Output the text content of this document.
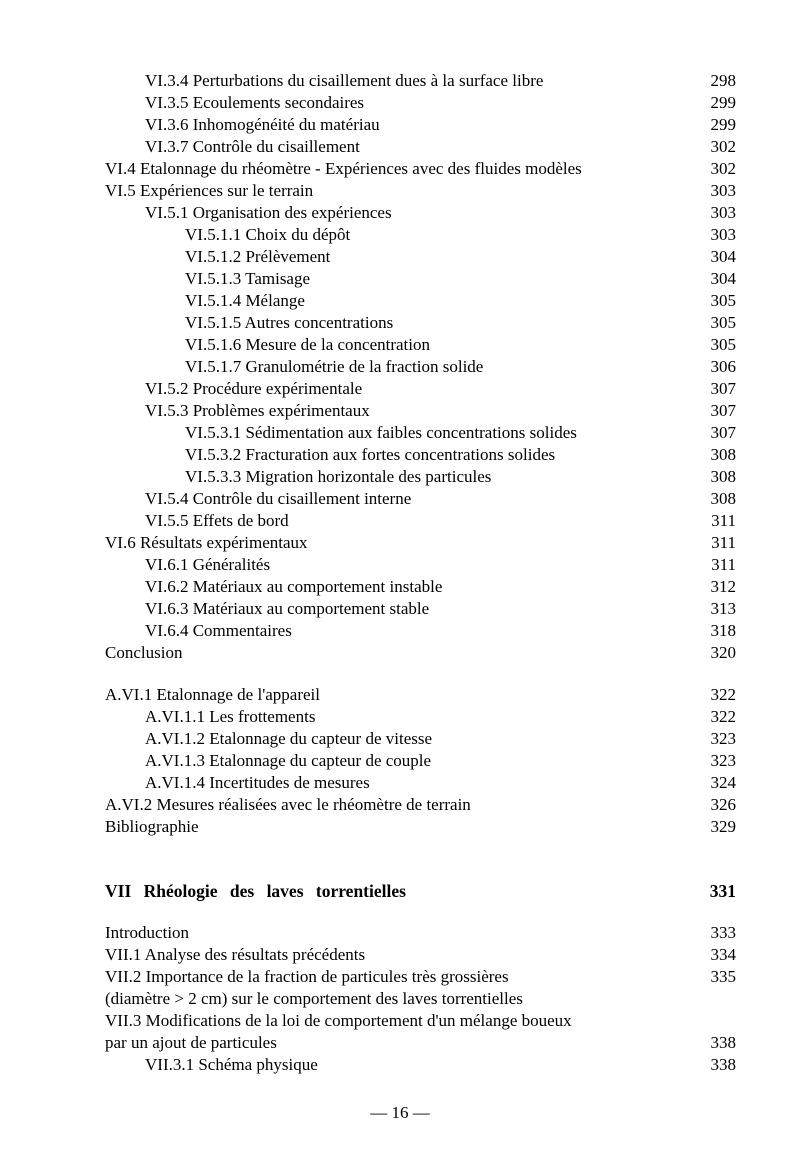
VI.3.4 Perturbations du cisaillement dues à la surface libre	298
VI.3.5 Ecoulements secondaires	299
VI.3.6 Inhomogénéité du matériau	299
VI.3.7 Contrôle du cisaillement	302
VI.4 Etalonnage du rhéomètre - Expériences avec des fluides modèles	302
VI.5 Expériences sur le terrain	303
VI.5.1 Organisation des expériences	303
VI.5.1.1 Choix du dépôt	303
VI.5.1.2 Prélèvement	304
VI.5.1.3 Tamisage	304
VI.5.1.4 Mélange	305
VI.5.1.5 Autres concentrations	305
VI.5.1.6 Mesure de la concentration	305
VI.5.1.7 Granulométrie de la fraction solide	306
VI.5.2 Procédure expérimentale	307
VI.5.3 Problèmes expérimentaux	307
VI.5.3.1 Sédimentation aux faibles concentrations solides	307
VI.5.3.2 Fracturation aux fortes concentrations solides	308
VI.5.3.3 Migration horizontale des particules	308
VI.5.4 Contrôle du cisaillement interne	308
VI.5.5 Effets de bord	311
VI.6 Résultats expérimentaux	311
VI.6.1 Généralités	311
VI.6.2 Matériaux au comportement instable	312
VI.6.3 Matériaux au comportement stable	313
VI.6.4 Commentaires	318
Conclusion	320
A.VI.1 Etalonnage de l'appareil	322
A.VI.1.1 Les frottements	322
A.VI.1.2 Etalonnage du capteur de vitesse	323
A.VI.1.3 Etalonnage du capteur de couple	323
A.VI.1.4 Incertitudes de mesures	324
A.VI.2 Mesures réalisées avec le rhéomètre de terrain	326
Bibliographie	329
VII Rhéologie des laves torrentielles	331
Introduction	333
VII.1 Analyse des résultats précédents	334
VII.2 Importance de la fraction de particules très grossières	335
(diamètre > 2 cm) sur le comportement des laves torrentielles
VII.3 Modifications de la loi de comportement d'un mélange boueux
par un ajout de particules	338
VII.3.1 Schéma physique	338
— 16 —
